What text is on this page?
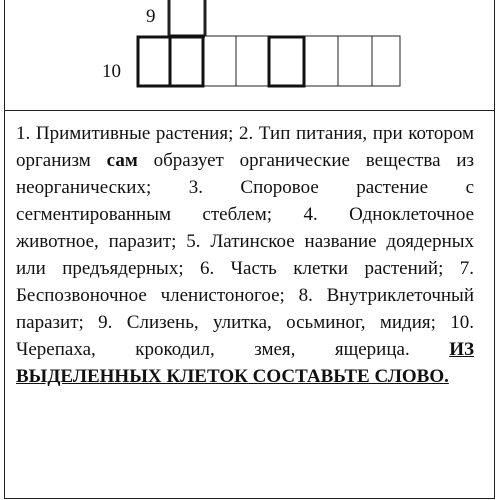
9
10
1. Примитивные растения; 2. Тип питания, при котором организм сам образует органические вещества из неорганических; 3. Споровое растение с сегментированным стеблем; 4. Одноклеточное животное, паразит; 5. Латинское название доядерных или предъядерных; 6. Часть клетки растений; 7. Беспозвоночное членистоногое; 8. Внутриклеточный паразит; 9. Слизень, улитка, осьминог, мидия; 10. Черепаха, крокодил, змея, ящерица. ИЗ ВЫДЕЛЕННЫХ КЛЕТОК СОСТАВЬТЕ СЛОВО.
